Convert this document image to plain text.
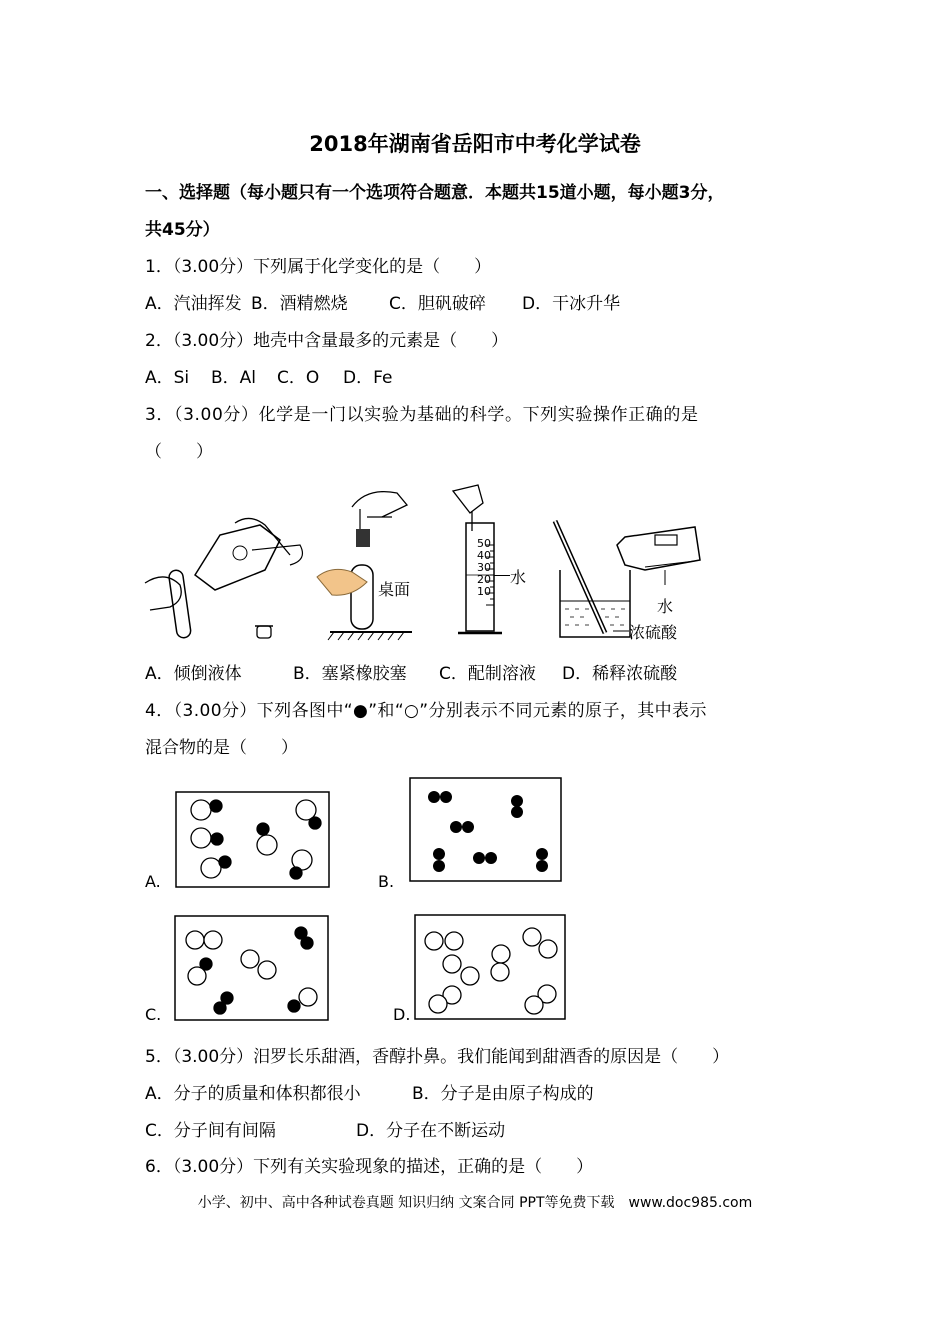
2018年湖南省岳阳市中考化学试卷
一、选择题（每小题只有一个选项符合题意．本题共15道小题，每小题3分，
共45分）
1．（3.00分）下列属于化学变化的是（　　）
A．汽油挥发 B．酒精燃烧 C．胆矾破碎 D．干冰升华
2．（3.00分）地壳中含量最多的元素是（　　）
A．Si B．Al C．O D．Fe
3．（3.00分）化学是一门以实验为基础的科学。下列实验操作正确的是
（　　）
桌面
50
40
30
20
10
水
水
浓硫酸
A．倾倒液体	B．塞紧橡胶塞 C．配制溶液 D．稀释浓硫酸
4．（3.00分）下列各图中“●”和“○”分别表示不同元素的原子，其中表示
混合物的是（　　）
A.	B.
C.	D.
5．（3.00分）汨罗长乐甜酒，香醇扑鼻。我们能闻到甜酒香的原因是（　　）
A．分子的质量和体积都很小	B．分子是由原子构成的
C．分子间有间隔	D．分子在不断运动
6．（3.00分）下列有关实验现象的描述，正确的是（　　）
小学、初中、高中各种试卷真题 知识归纳 文案合同 PPT等免费下载　www.doc985.com
